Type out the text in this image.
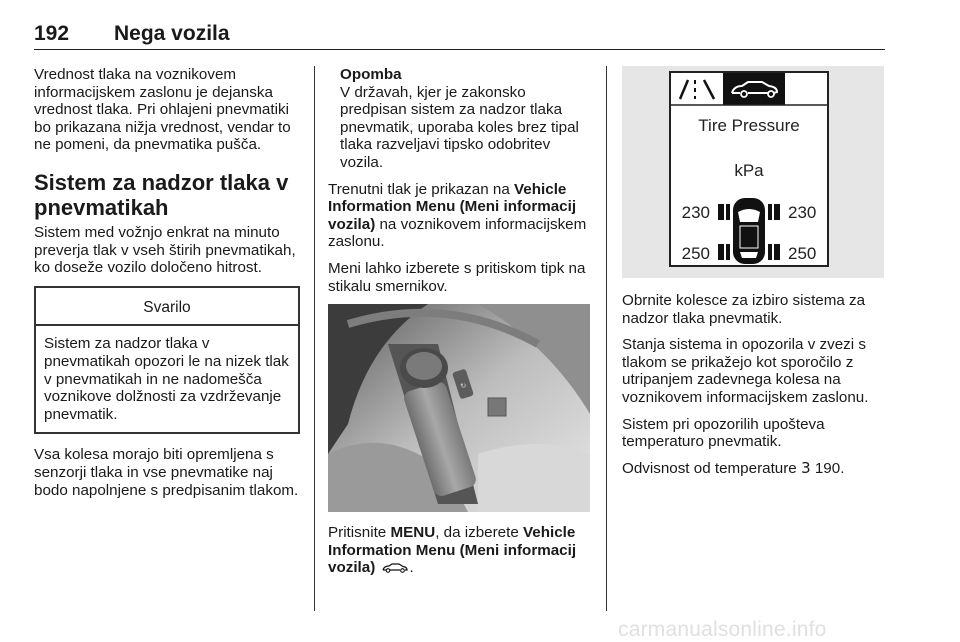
192 Nega vozila

Vrednost tlaka na voznikovem informacijskem zaslonu je dejanska vrednost tlaka. Pri ohlajeni pnevmatiki bo prikazana nižja vrednost, vendar to ne pomeni, da pnevmatika pušča.

Sistem za nadzor tlaka v pnevmatikah

Sistem med vožnjo enkrat na minuto preverja tlak v vseh štirih pnevmatikah, ko doseže vozilo določeno hitrost.

Svarilo
Sistem za nadzor tlaka v pnevmatikah opozori le na nizek tlak v pnevmatikah in ne nadomešča voznikove dolžnosti za vzdrževanje pnevmatik.

Vsa kolesa morajo biti opremljena s senzorji tlaka in vse pnevmatike naj bodo napolnjene s predpisanim tlakom.

Opomba
V državah, kjer je zakonsko predpisan sistem za nadzor tlaka pnevmatik, uporaba koles brez tipal tlaka razveljavi tipsko odobritev vozila.

Trenutni tlak je prikazan na Vehicle Information Menu (Meni informacij vozila) na voznikovem informacijskem zaslonu.

Meni lahko izberete s pritiskom tipk na stikalu smernikov.

↻

Pritisnite MENU, da izberete Vehicle Information Menu (Meni informacij vozila) .

Tire Pressure
kPa
230	230
250	250

Obrnite kolesce za izbiro sistema za nadzor tlaka pnevmatik.

Stanja sistema in opozorila v zvezi s tlakom se prikažejo kot sporočilo z utripanjem zadevnega kolesa na voznikovem informacijskem zaslonu.

Sistem pri opozorilih upošteva temperaturo pnevmatik.

Odvisnost od temperature 3 190.

carmanualsonline.info
